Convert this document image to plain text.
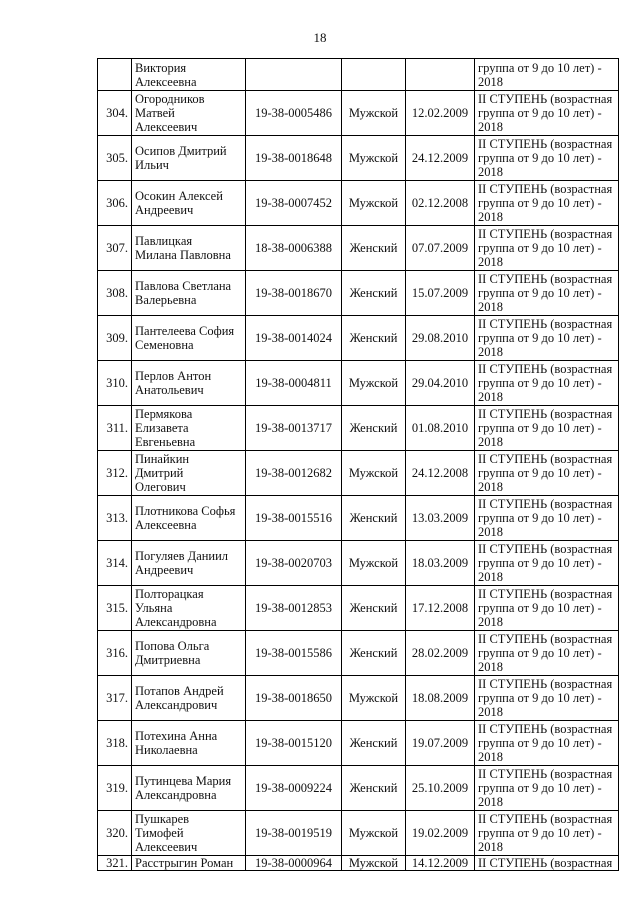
18

	Виктория
Алексеевна				группа от 9 до 10 лет) -
2018

304.	Огородников
Матвей
Алексеевич	19-38-0005486	Мужской	12.02.2009	II СТУПЕНЬ (возрастная
группа от 9 до 10 лет) -
2018

305.	Осипов Дмитрий
Ильич	19-38-0018648	Мужской	24.12.2009	II СТУПЕНЬ (возрастная
группа от 9 до 10 лет) -
2018

306.	Осокин Алексей
Андреевич	19-38-0007452	Мужской	02.12.2008	II СТУПЕНЬ (возрастная
группа от 9 до 10 лет) -
2018

307.	Павлицкая
Милана Павловна	18-38-0006388	Женский	07.07.2009	II СТУПЕНЬ (возрастная
группа от 9 до 10 лет) -
2018

308.	Павлова Светлана
Валерьевна	19-38-0018670	Женский	15.07.2009	II СТУПЕНЬ (возрастная
группа от 9 до 10 лет) -
2018

309.	Пантелеева София
Семеновна	19-38-0014024	Женский	29.08.2010	II СТУПЕНЬ (возрастная
группа от 9 до 10 лет) -
2018

310.	Перлов Антон
Анатольевич	19-38-0004811	Мужской	29.04.2010	II СТУПЕНЬ (возрастная
группа от 9 до 10 лет) -
2018

311.	Пермякова
Елизавета
Евгеньевна	19-38-0013717	Женский	01.08.2010	II СТУПЕНЬ (возрастная
группа от 9 до 10 лет) -
2018

312.	Пинайкин
Дмитрий
Олегович	19-38-0012682	Мужской	24.12.2008	II СТУПЕНЬ (возрастная
группа от 9 до 10 лет) -
2018

313.	Плотникова Софья
Алексеевна	19-38-0015516	Женский	13.03.2009	II СТУПЕНЬ (возрастная
группа от 9 до 10 лет) -
2018

314.	Погуляев Даниил
Андреевич	19-38-0020703	Мужской	18.03.2009	II СТУПЕНЬ (возрастная
группа от 9 до 10 лет) -
2018

315.	Полторацкая
Ульяна
Александровна	19-38-0012853	Женский	17.12.2008	II СТУПЕНЬ (возрастная
группа от 9 до 10 лет) -
2018

316.	Попова Ольга
Дмитриевна	19-38-0015586	Женский	28.02.2009	II СТУПЕНЬ (возрастная
группа от 9 до 10 лет) -
2018

317.	Потапов Андрей
Александрович	19-38-0018650	Мужской	18.08.2009	II СТУПЕНЬ (возрастная
группа от 9 до 10 лет) -
2018

318.	Потехина Анна
Николаевна	19-38-0015120	Женский	19.07.2009	II СТУПЕНЬ (возрастная
группа от 9 до 10 лет) -
2018

319.	Путинцева Мария
Александровна	19-38-0009224	Женский	25.10.2009	II СТУПЕНЬ (возрастная
группа от 9 до 10 лет) -
2018

320.	Пушкарев
Тимофей
Алексеевич	19-38-0019519	Мужской	19.02.2009	II СТУПЕНЬ (возрастная
группа от 9 до 10 лет) -
2018

321.	Расстрыгин Роман	19-38-0000964	Мужской	14.12.2009	II СТУПЕНЬ (возрастная
